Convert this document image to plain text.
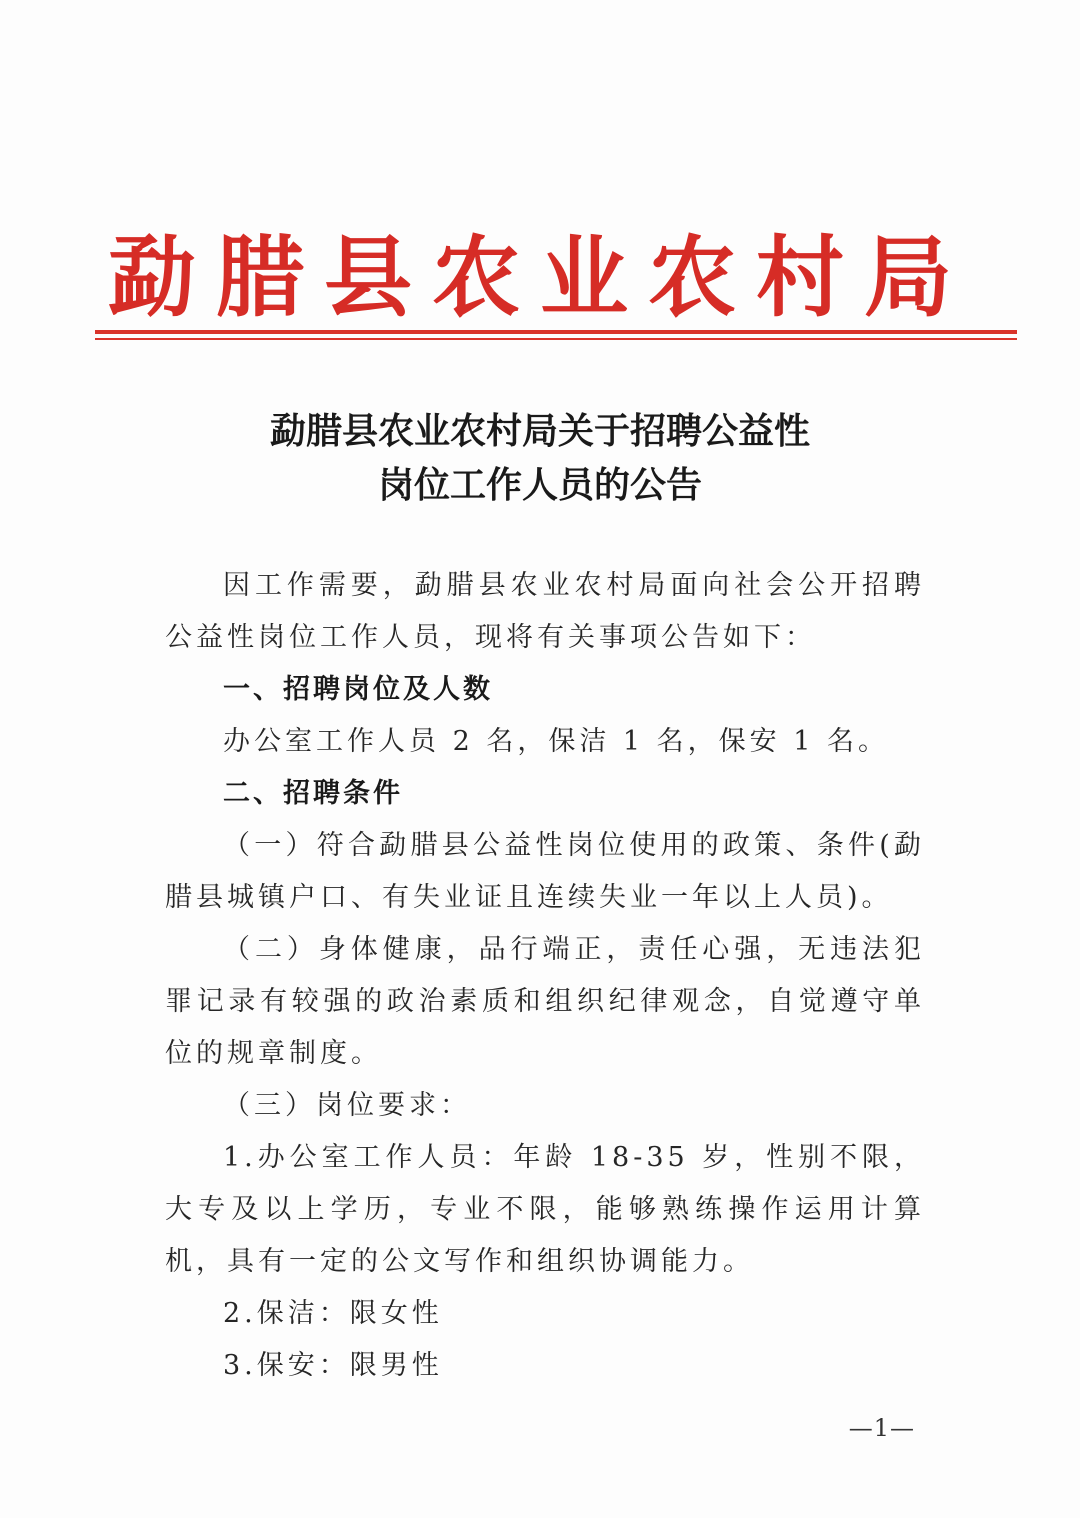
勐腊县农业农村局
勐腊县农业农村局关于招聘公益性
岗位工作人员的公告

因工作需要，勐腊县农业农村局面向社会公开招聘公益性岗位工作人员，现将有关事项公告如下：

一、招聘岗位及人数

办公室工作人员 2 名，保洁 1 名，保安 1 名。

二、招聘条件

（一）符合勐腊县公益性岗位使用的政策、条件(勐腊县城镇户口、有失业证且连续失业一年以上人员)。

（二）身体健康，品行端正，责任心强，无违法犯罪记录有较强的政治素质和组织纪律观念，自觉遵守单位的规章制度。

（三）岗位要求：

1.办公室工作人员：年龄 18-35 岁，性别不限，大专及以上学历，专业不限，能够熟练操作运用计算机，具有一定的公文写作和组织协调能力。

2.保洁：限女性

3.保安：限男性

—1—
